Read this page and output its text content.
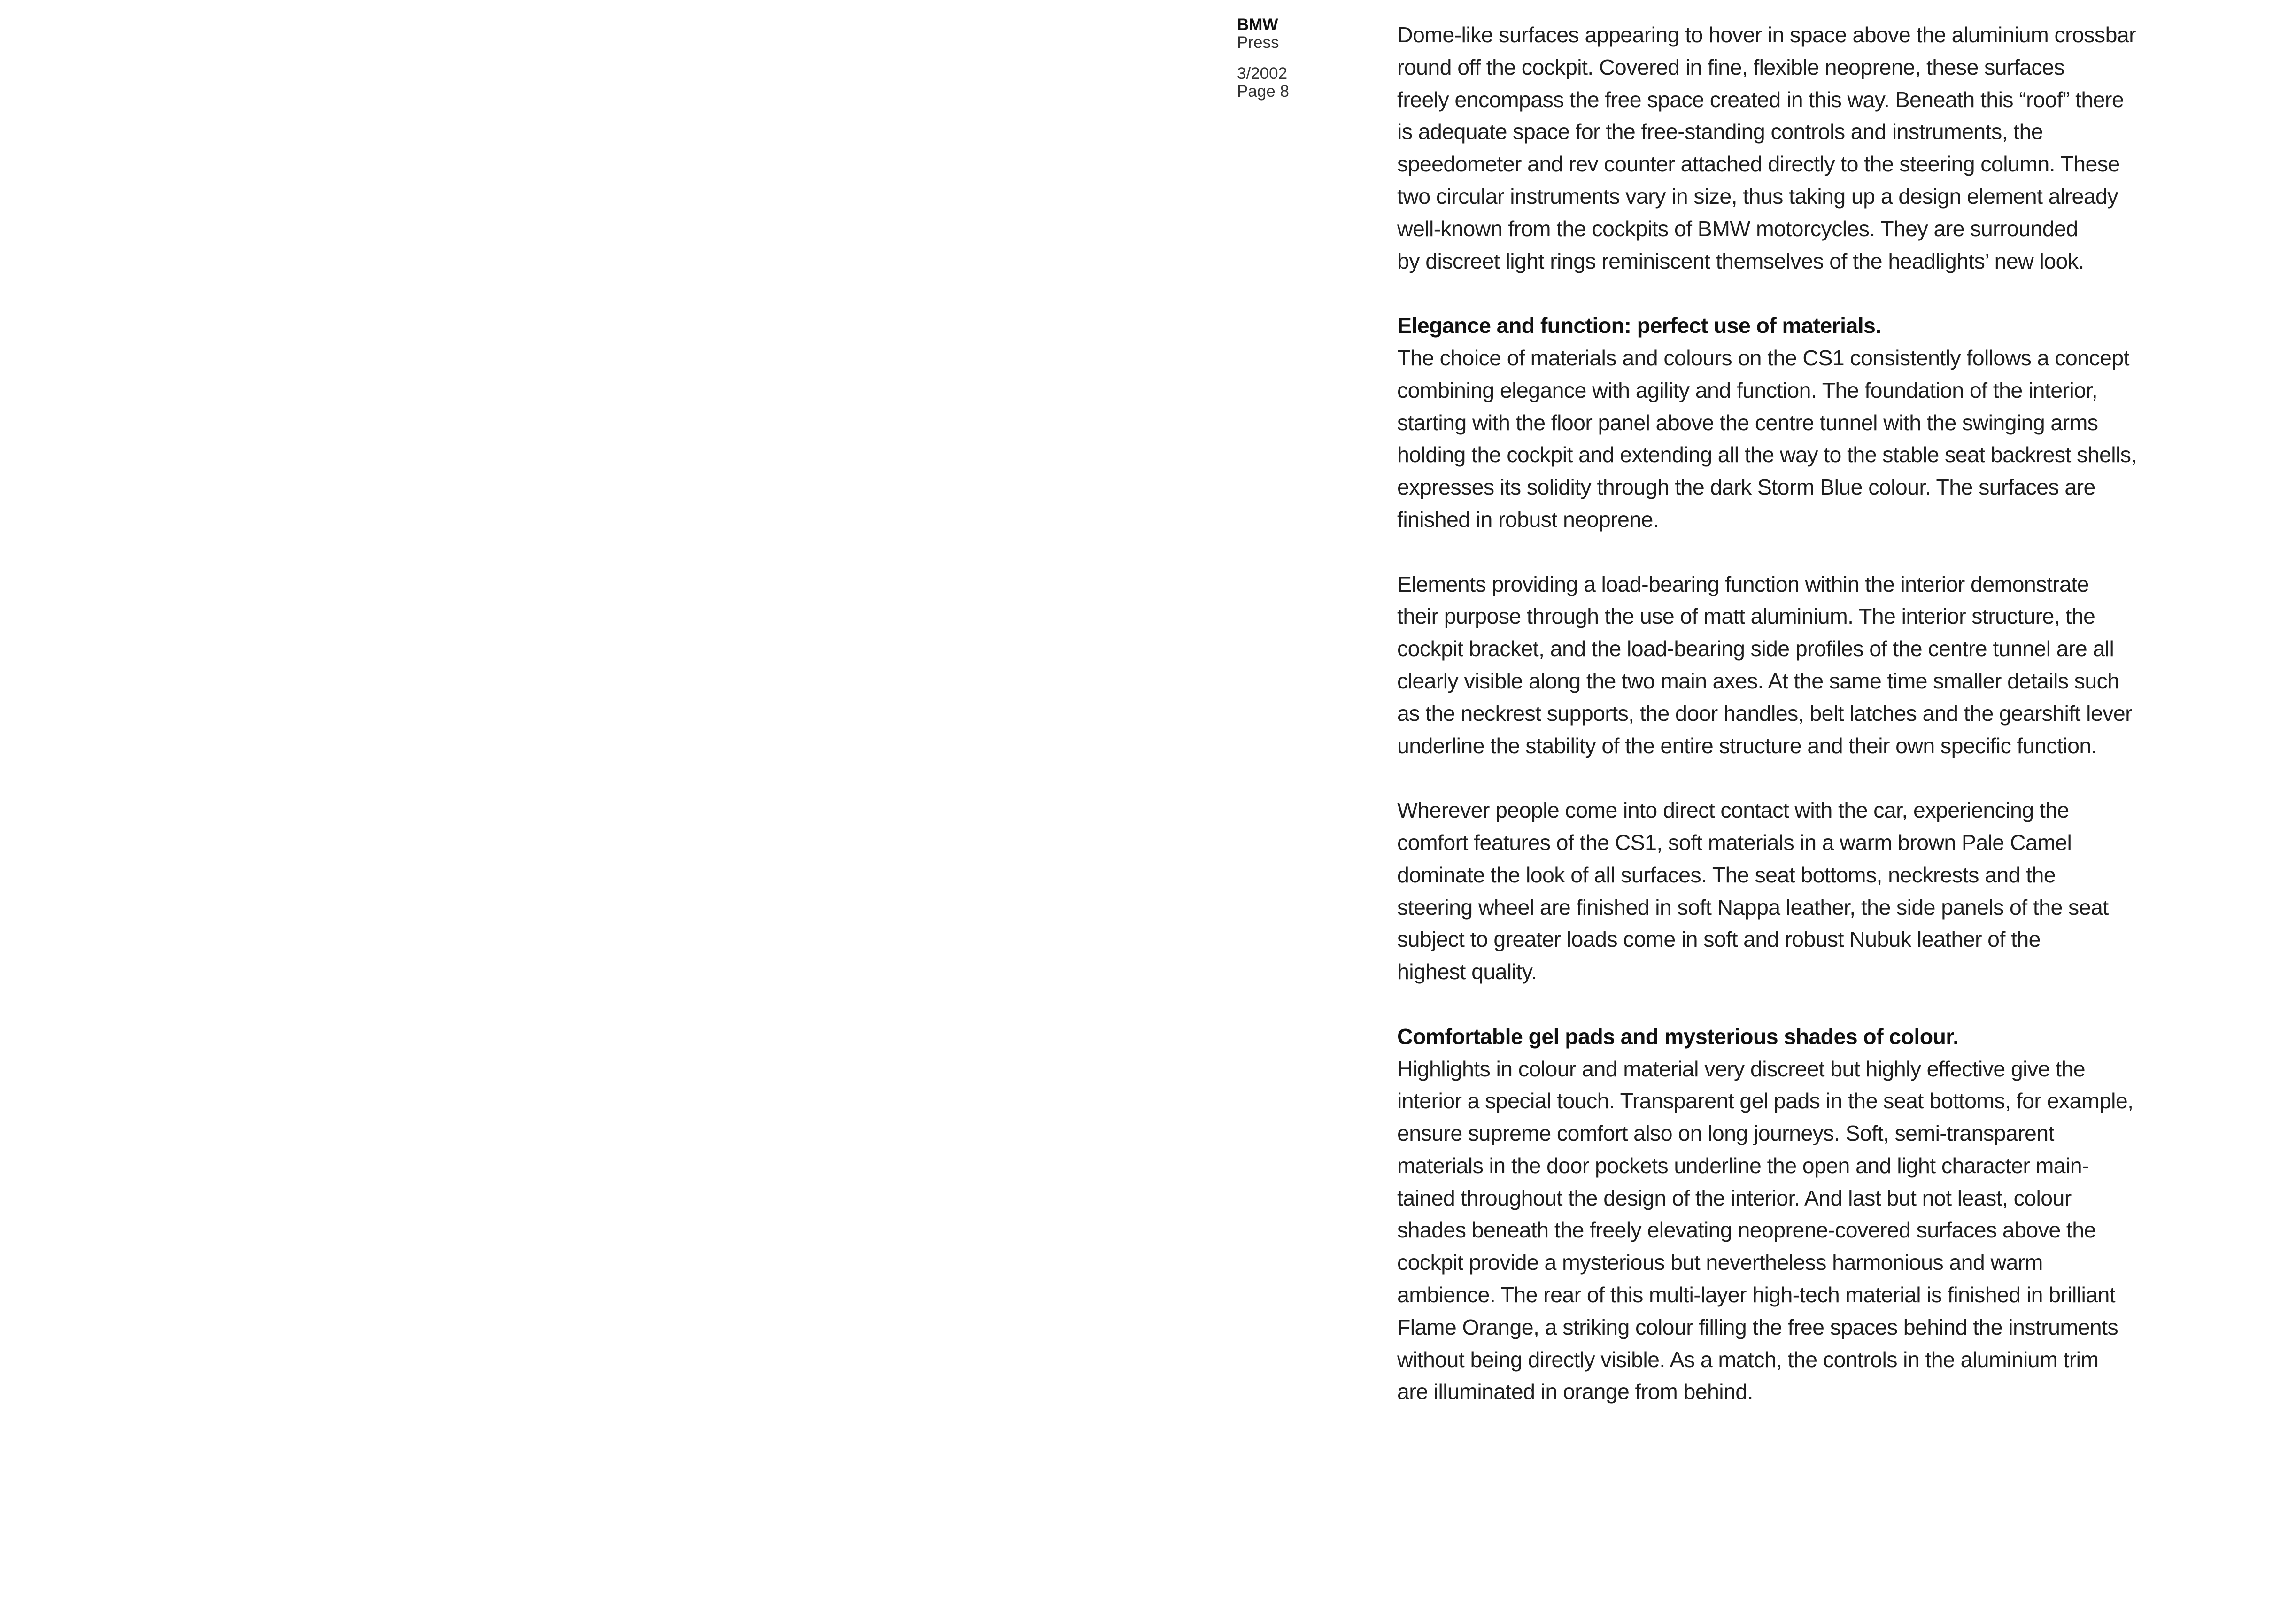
BMW
Press
3/2002
Page 8
Dome-like surfaces appearing to hover in space above the aluminium crossbar
round off the cockpit. Covered in fine, flexible neoprene, these surfaces
freely encompass the free space created in this way. Beneath this “roof” there
is adequate space for the free-standing controls and instruments, the
speedometer and rev counter attached directly to the steering column. These
two circular instruments vary in size, thus taking up a design element already
well-known from the cockpits of BMW motorcycles. They are surrounded
by discreet light rings reminiscent themselves of the headlights’ new look.
Elegance and function: perfect use of materials.
The choice of materials and colours on the CS1 consistently follows a concept
combining elegance with agility and function. The foundation of the interior,
starting with the floor panel above the centre tunnel with the swinging arms
holding the cockpit and extending all the way to the stable seat backrest shells,
expresses its solidity through the dark Storm Blue colour. The surfaces are
finished in robust neoprene.
Elements providing a load-bearing function within the interior demonstrate
their purpose through the use of matt aluminium. The interior structure, the
cockpit bracket, and the load-bearing side profiles of the centre tunnel are all
clearly visible along the two main axes. At the same time smaller details such
as the neckrest supports, the door handles, belt latches and the gearshift lever
underline the stability of the entire structure and their own specific function.
Wherever people come into direct contact with the car, experiencing the
comfort features of the CS1, soft materials in a warm brown Pale Camel
dominate the look of all surfaces. The seat bottoms, neckrests and the
steering wheel are finished in soft Nappa leather, the side panels of the seat
subject to greater loads come in soft and robust Nubuk leather of the
highest quality.
Comfortable gel pads and mysterious shades of colour.
Highlights in colour and material very discreet but highly effective give the
interior a special touch. Transparent gel pads in the seat bottoms, for example,
ensure supreme comfort also on long journeys. Soft, semi-transparent
materials in the door pockets underline the open and light character main-
tained throughout the design of the interior. And last but not least, colour
shades beneath the freely elevating neoprene-covered surfaces above the
cockpit provide a mysterious but nevertheless harmonious and warm
ambience. The rear of this multi-layer high-tech material is finished in brilliant
Flame Orange, a striking colour filling the free spaces behind the instruments
without being directly visible. As a match, the controls in the aluminium trim
are illuminated in orange from behind.
